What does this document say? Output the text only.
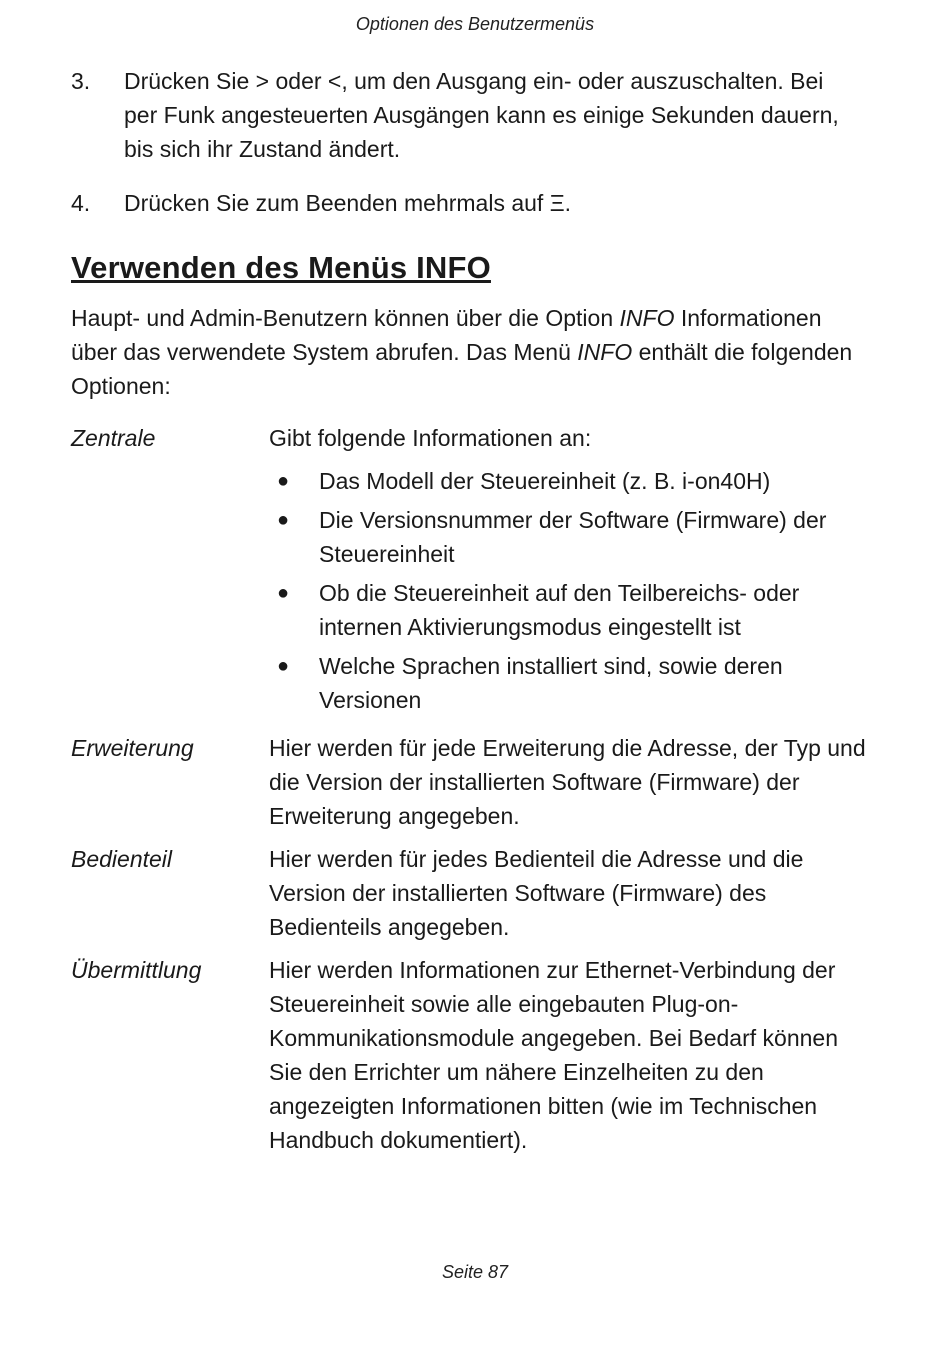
Optionen des Benutzermenüs
3.	Drücken Sie > oder <, um den Ausgang ein- oder auszuschalten. Bei per Funk angesteuerten Ausgängen kann es einige Sekunden dauern, bis sich ihr Zustand ändert.
4.	Drücken Sie zum Beenden mehrmals auf Ξ.
Verwenden des Menüs INFO
Haupt- und Admin-Benutzern können über die Option INFO Informationen über das verwendete System abrufen. Das Menü INFO enthält die folgenden Optionen:
Zentrale	Gibt folgende Informationen an:
●	Das Modell der Steuereinheit (z. B. i-on40H)
●	Die Versionsnummer der Software (Firmware) der Steuereinheit
●	Ob die Steuereinheit auf den Teilbereichs- oder internen Aktivierungsmodus eingestellt ist
●	Welche Sprachen installiert sind, sowie deren Versionen
Erweiterung	Hier werden für jede Erweiterung die Adresse, der Typ und die Version der installierten Software (Firmware) der Erweiterung angegeben.
Bedienteil	Hier werden für jedes Bedienteil die Adresse und die Version der installierten Software (Firmware) des Bedienteils angegeben.
Übermittlung	Hier werden Informationen zur Ethernet-Verbindung der Steuereinheit sowie alle eingebauten Plug-on-Kommunikationsmodule angegeben. Bei Bedarf können Sie den Errichter um nähere Einzelheiten zu den angezeigten Informationen bitten (wie im Technischen Handbuch dokumentiert).
Seite 87
